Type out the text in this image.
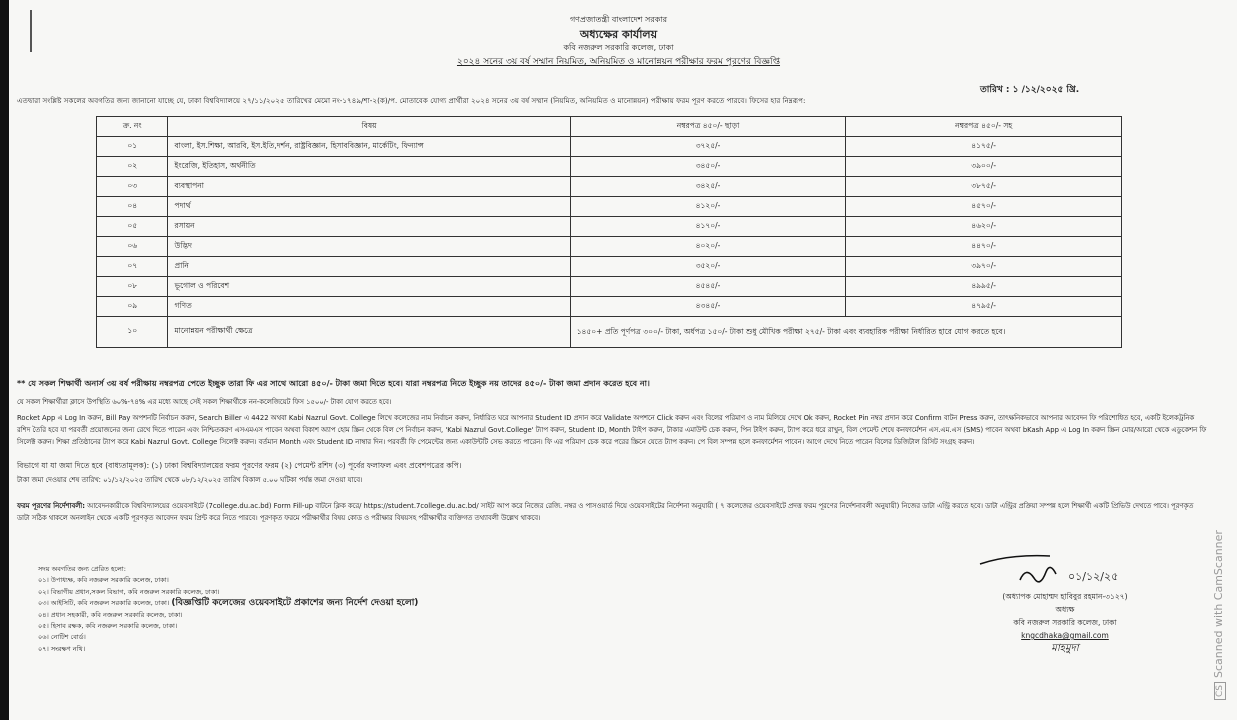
গণপ্রজাতন্ত্রী বাংলাদেশ সরকার
অধ্যক্ষের কার্যালয়
কবি নজরুল সরকারি কলেজ, ঢাকা
২০২৪ সনের ৩য় বর্ষ সম্মান নিয়মিত, অনিয়মিত ও মানোন্নয়ন পরীক্ষার ফরম পূরণের বিজ্ঞপ্তি
তারিখ : ১ /১২/২০২৫ খ্রি.
এতদ্বারা সংশ্লিষ্ট সকলের অবগতির জন্য জানানো যাচ্ছে যে, ঢাকা বিশ্ববিদ্যালয়ে ২৭/১১/২০২৫ তারিখের মেমো নং-১৭৪৯/শা-২(ক)/প. মোতাবেক যোগ্য প্রার্থীরা ২০২৪ সনের ৩য় বর্ষ সম্মান (নিয়মিত, অনিয়মিত ও মানোন্নয়ন) পরীক্ষায় ফরম পূরণ করতে পারবে। ফিসের হার নিম্নরূপ:
ক্র. নং	বিষয়	নম্বরপত্র ৪৫০/- ছাড়া	নম্বরপত্র ৪৫০/- সহ
০১	বাংলা, ইস.শিক্ষা, আরবি, ইস.ইতি,দর্শন, রাষ্ট্রবিজ্ঞান, হিসাববিজ্ঞান, মার্কেটিং, ফিন্যান্স	৩৭২৫/-	৪১৭৫/-
০২	ইংরেজি, ইতিহাস, অর্থনীতি	৩৪৫০/-	৩৯০০/-
০৩	ব্যবস্থাপনা	৩৪২৫/-	৩৮৭৫/-
০৪	পদার্থ	৪১২০/-	৪৫৭০/-
০৫	রসায়ন	৪১৭০/-	৪৬২০/-
০৬	উদ্ভিদ	৪০২০/-	৪৪৭০/-
০৭	প্রানি	৩৫২০/-	৩৯৭০/-
০৮	ভূগোল ও পরিবেশ	৪৫৪৫/-	৪৯৯৫/-
০৯	গণিত	৪৩৪৫/-	৪৭৯৫/-
১০	মানোন্নয়ন পরীক্ষার্থী ক্ষেত্রে	১৪৫০+ প্রতি পূর্ণপত্র ৩০০/- টাকা, অর্ধপত্র ১৫০/- টাকা শুধু মৌখিক পরীক্ষা ২৭৫/- টাকা এবং ব্যবহারিক পরীক্ষা নির্ধারিত হারে যোগ করতে হবে।	
** যে সকল শিক্ষার্থী অনার্স ৩য় বর্ষ পরীক্ষায় নম্বরপত্র পেতে ইচ্ছুক তারা ফি এর সাথে আরো ৪৫০/- টাকা জমা দিতে হবে। যারা নম্বরপত্র নিতে ইচ্ছুক নয় তাদের ৪৫০/- টাকা জমা প্রদান করেত হবে না।
যে সকল শিক্ষার্থীরা ক্লাসে উপস্থিতি ৬০%-৭৪% এর মধ্যে আছে সেই সকল শিক্ষার্থীকে নন-কলেজিয়েট ফিস ১৫০০/- টাকা যোগ করতে হবে।
Rocket App এ Log In করুন, Bill Pay অপশনটি নির্বাচন করুন, Search Biller এ 4422 অথবা Kabi Nazrul Govt. College লিখে কলেজের নাম নির্বাচন করুন, নির্ধারিত ঘরে আপনার Student ID প্রদান করে Validate অপশনে Click করুন এবং বিলের পরিমাণ ও নাম মিলিয়ে দেখে Ok করুন, Rocket Pin নম্বর প্রদান করে Confirm বাটন Press করুন, তাৎক্ষনিকভাবে আপনার আবেদন ফি পরিশোধিত হবে, একটি ইলেকট্রনিক রশিদ তৈরি হবে যা পরবর্তী প্রয়োজনের জন্য রেখে দিতে পারেন এবং নিশ্চিতকরণ এসএমএস পাবেন অথবা বিকাশ অ্যাপ হোম স্ক্রিন থেকে বিল পে নির্বাচন করুন, 'Kabi Nazrul Govt.College' ট্যাপ করুন, Student ID, Month টাইপ করুন, টাকার এমাউন্ট চেক করুন, পিন টাইপ করুন, ট্যাপ করে ধরে রাখুন, বিল পেমেন্ট শেষে কনফার্মেশন এস.এম.এস (SMS) পাবেন অথবা bKash App এ Log In করুন স্ক্রিন মোর/আরো থেকে এডুকেশন ফি সিলেক্ট করুন। শিক্ষা প্রতিষ্ঠানের ট্যাপ করে Kabi Nazrul Govt. College সিলেক্ট করুন। বর্তমান Month এবং Student ID নাম্বার দিন। পরবর্তী ফি পেমেন্টের জন্য একাউন্টটি সেভ করতে পারেন। ফি এর পরিমাণ চেক করে পরের স্ক্রিনে যেতে ট্যাপ করুন। পে বিল সম্পন্ন হলে কনফার্মেশন পাবেন। আগে দেখে নিতে পারেন বিলের ডিজিটাল রিসিট সংগ্রহ করুন।
বিভাগে যা যা জমা দিতে হবে (বাধ্যতামূলক): (১) ঢাকা বিশ্ববিদ্যালয়ের ফরম পূরণের ফরম (২) পেমেন্ট রশিদ (৩) পূর্বের ফলাফল এবং প্রবেশপত্রের কপি।
টাকা জমা দেওয়ার শেষ তারিখ: ০১/১২/২০২৫ তারিখ থেকে ০৮/১২/২০২৫ তারিখ বিকাল ৫.০০ ঘটিকা পর্যন্ত জমা দেওয়া যাবে।
ফরম পূরণের নির্দেশাবলী: আবেদনকারীকে বিশ্ববিদ্যালয়ের ওয়েবসাইটে (7college.du.ac.bd) Form Fill-up বাটনে ক্লিক করে/ https://student.7college.du.ac.bd/ সাইট আপ করে নিজের রেজি. নম্বর ও পাসওয়ার্ড দিয়ে ওয়েবসাইটের নির্দেশনা অনুযায়ী ( ৭ কলেজের ওয়েবসাইটে প্রদত্ত ফরম পূরণের নির্দেশনাবলী অনুযায়ী) নিজের ডাটা এন্ট্রি করতে হবে। ডাটা এন্ট্রির প্রক্রিয়া সম্পন্ন হলে শিক্ষার্থী একটি প্রিভিউ দেখতে পাবে। পূরণকৃত ডাটা সঠিক থাকলে অনলাইন থেকে একটি পূরণকৃত আবেদন ফরম প্রিন্ট করে নিতে পারবে। পূরণকৃত ফরমে পরীক্ষার্থীর বিষয় কোড ও পরীক্ষার বিষয়সহ পরীক্ষার্থীর ব্যক্তিগত তথ্যাবলী উল্লেখ থাকবে।
সদয় অবগতির জন্য প্রেরিত হলো:
০১। উপাধ্যক্ষ, কবি নজরুল সরকারি কলেজ, ঢাকা।
০২। বিভাগীয় প্রধান,সকল বিভাগ, কবি নজরুল সরকারি কলেজ, ঢাকা।
০৩। আইসিটি, কবি নজরুল সরকারি কলেজ, ঢাকা। (বিজ্ঞপ্তিটি কলেজের ওয়েবসাইটে প্রকাশের জন্য নির্দেশ দেওয়া হলো)
০৪। প্রধান সহকারী, কবি নজরুল সরকারি কলেজ, ঢাকা।
০৫। হিসাব রক্ষক, কবি নজরুল সরকারি কলেজ, ঢাকা।
০৬। নোটিশ বোর্ড।
০৭। সংরক্ষণ নথি।
০১/১২/২৫
(অধ্যাপক মোহাম্মদ হাবিবুর রহমান-৩১২৭)
অধ্যক্ষ
কবি নজরুল সরকারি কলেজ, ঢাকা
kngcdhaka@gmail.com
মাহমুদা
CSScanned with CamScanner
